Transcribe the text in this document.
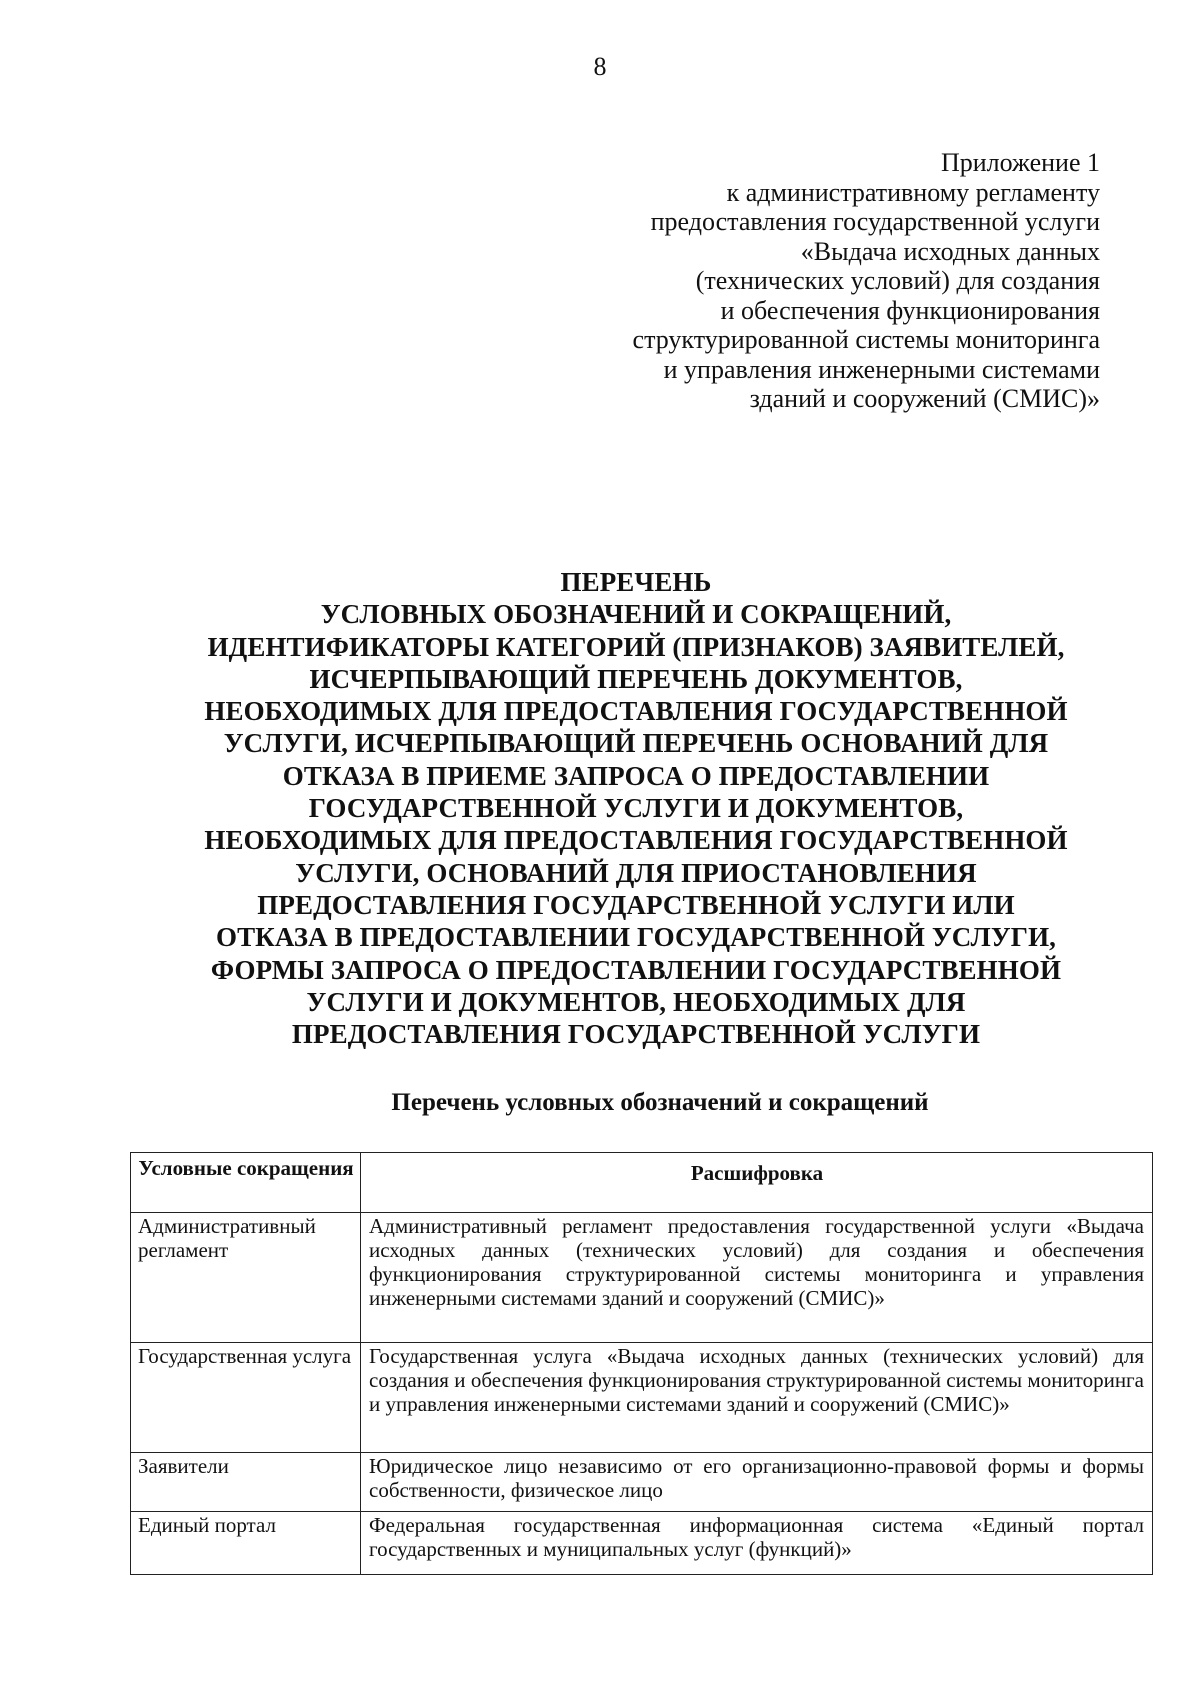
8
Приложение 1
к административному регламенту
предоставления государственной услуги
«Выдача исходных данных
(технических условий) для создания
и обеспечения функционирования
структурированной системы мониторинга
и управления инженерными системами
зданий и сооружений (СМИС)»
ПЕРЕЧЕНЬ
УСЛОВНЫХ ОБОЗНАЧЕНИЙ И СОКРАЩЕНИЙ,
ИДЕНТИФИКАТОРЫ КАТЕГОРИЙ (ПРИЗНАКОВ) ЗАЯВИТЕЛЕЙ,
ИСЧЕРПЫВАЮЩИЙ ПЕРЕЧЕНЬ ДОКУМЕНТОВ,
НЕОБХОДИМЫХ ДЛЯ ПРЕДОСТАВЛЕНИЯ ГОСУДАРСТВЕННОЙ
УСЛУГИ, ИСЧЕРПЫВАЮЩИЙ ПЕРЕЧЕНЬ ОСНОВАНИЙ ДЛЯ
ОТКАЗА В ПРИЕМЕ ЗАПРОСА О ПРЕДОСТАВЛЕНИИ
ГОСУДАРСТВЕННОЙ УСЛУГИ И ДОКУМЕНТОВ,
НЕОБХОДИМЫХ ДЛЯ ПРЕДОСТАВЛЕНИЯ ГОСУДАРСТВЕННОЙ
УСЛУГИ, ОСНОВАНИЙ ДЛЯ ПРИОСТАНОВЛЕНИЯ
ПРЕДОСТАВЛЕНИЯ ГОСУДАРСТВЕННОЙ УСЛУГИ ИЛИ
ОТКАЗА В ПРЕДОСТАВЛЕНИИ ГОСУДАРСТВЕННОЙ УСЛУГИ,
ФОРМЫ ЗАПРОСА О ПРЕДОСТАВЛЕНИИ ГОСУДАРСТВЕННОЙ
УСЛУГИ И ДОКУМЕНТОВ, НЕОБХОДИМЫХ ДЛЯ
ПРЕДОСТАВЛЕНИЯ ГОСУДАРСТВЕННОЙ УСЛУГИ
Перечень условных обозначений и сокращений
Условные сокращения	Расшифровка
Административный регламент	Административный регламент предоставления государственной услуги «Выдача исходных данных (технических условий) для создания и обеспечения функционирования структурированной системы мониторинга и управления инженерными системами зданий и сооружений (СМИС)»
Государственная услуга	Государственная услуга «Выдача исходных данных (технических условий) для создания и обеспечения функционирования структурированной системы мониторинга и управления инженерными системами зданий и сооружений (СМИС)»
Заявители	Юридическое лицо независимо от его организационно-правовой формы и формы собственности, физическое лицо
Единый портал	Федеральная государственная информационная система «Единый портал государственных и муниципальных услуг (функций)»
